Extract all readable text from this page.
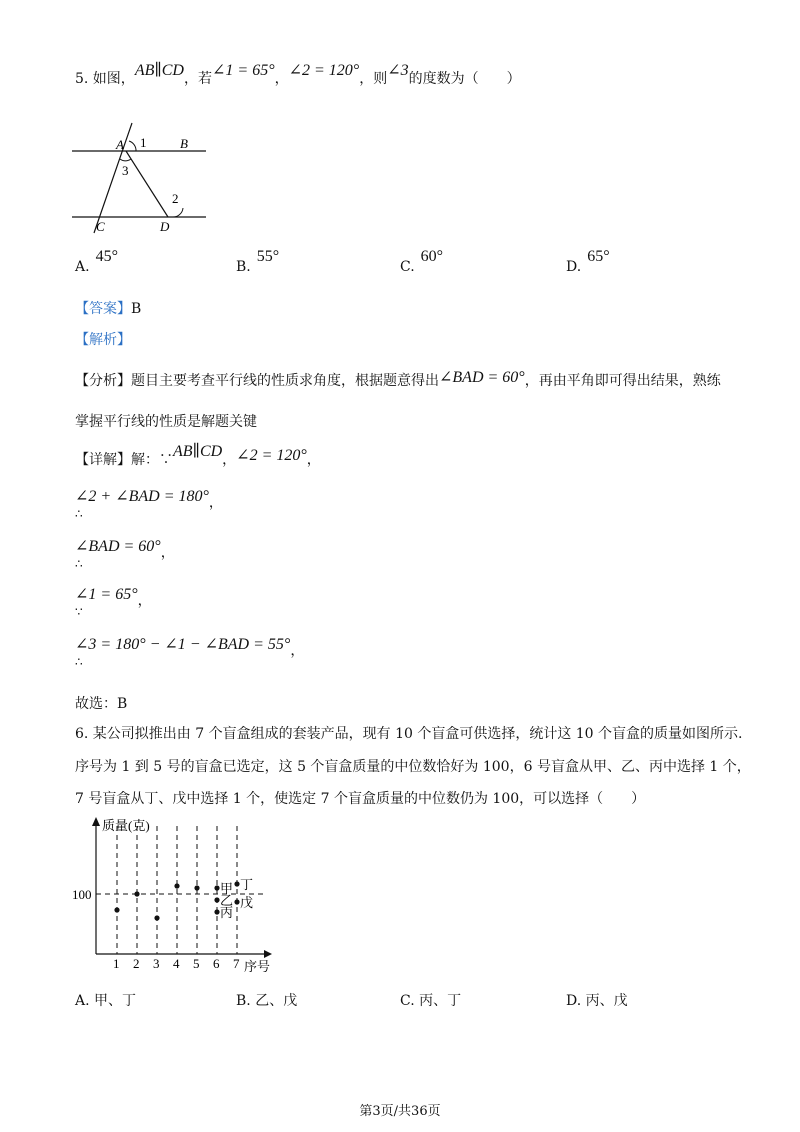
5. 如图，AB∥CD，若∠1 = 65°，∠2 = 120°，则∠3的度数为（　　）
A 1	B
3
2
C	D
A.45°
B.55°
C.60°
D.65°
【答案】B
【解析】
【分析】题目主要考查平行线的性质求角度，根据题意得出∠BAD = 60°，再由平角即可得出结果，熟练
掌握平行线的性质是解题关键
【详解】解：∵AB∥CD，∠2 = 120°，
∠2 + ∠BAD = 180°，
∴
∠BAD = 60°，
∴
∠1 = 65°，
∵
∠3 = 180° − ∠1 − ∠BAD = 55°，
∴
故选：B
6. 某公司拟推出由 7 个盲盒组成的套装产品，现有 10 个盲盒可供选择，统计这 10 个盲盒的质量如图所示.
序号为 1 到 5 号的盲盒已选定，这 5 个盲盒质量的中位数恰好为 100，6 号盲盒从甲、乙、丙中选择 1 个，
7 号盲盒从丁、戊中选择 1 个，使选定 7 个盲盒质量的中位数仍为 100，可以选择（　　）
质量(克)
序号
100
1 2 3 4 5 6 7
甲
乙
丙
丁
戊
A. 甲、丁	B. 乙、戊	C. 丙、丁	D. 丙、戊
第3页/共36页
